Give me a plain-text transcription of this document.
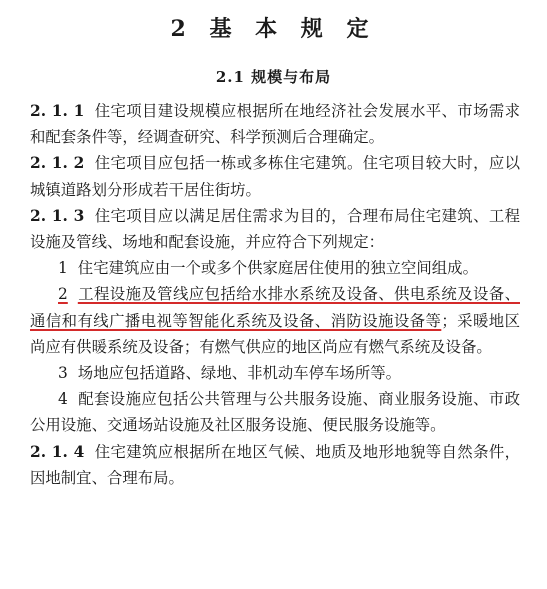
2 基 本 规 定
2.1 规模与布局

2. 1. 1 住宅项目建设规模应根据所在地经济社会发展水平、市场需求和配套条件等，经调查研究、科学预测后合理确定。

2. 1. 2 住宅项目应包括一栋或多栋住宅建筑。住宅项目较大时，应以城镇道路划分形成若干居住街坊。

2. 1. 3 住宅项目应以满足居住需求为目的，合理布局住宅建筑、工程设施及管线、场地和配套设施，并应符合下列规定：

1 住宅建筑应由一个或多个供家庭居住使用的独立空间组成。

2 工程设施及管线应包括给水排水系统及设备、供电系统及设备、通信和有线广播电视等智能化系统及设备、消防设施设备等；采暖地区尚应有供暖系统及设备；有燃气供应的地区尚应有燃气系统及设备。

3 场地应包括道路、绿地、非机动车停车场所等。

4 配套设施应包括公共管理与公共服务设施、商业服务设施、市政公用设施、交通场站设施及社区服务设施、便民服务设施等。

2. 1. 4 住宅建筑应根据所在地区气候、地质及地形地貌等自然条件，因地制宜、合理布局。
